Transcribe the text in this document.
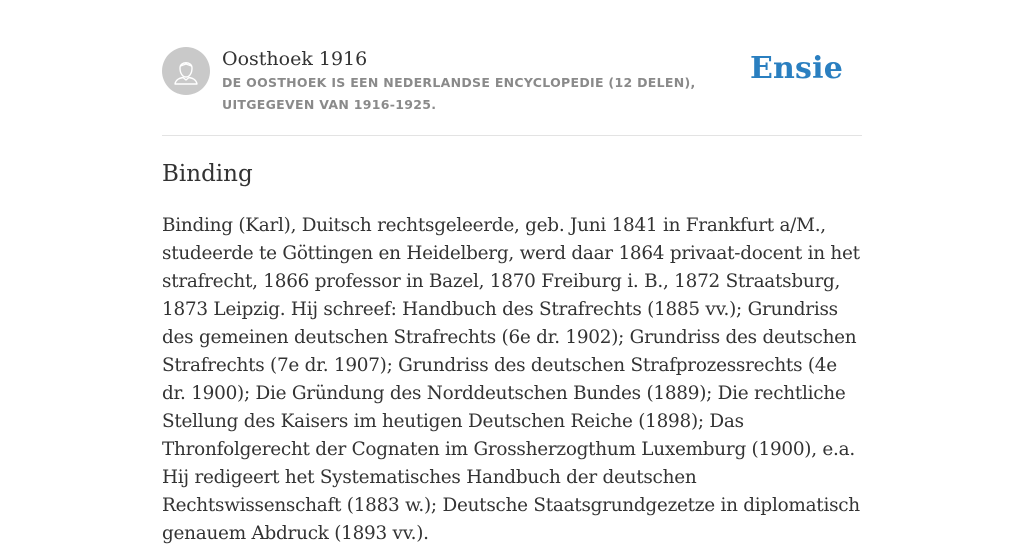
Oosthoek 1916
DE OOSTHOEK IS EEN NEDERLANDSE ENCYCLOPEDIE (12 DELEN), UITGEGEVEN VAN 1916-1925.
Ensie
Binding

Binding (Karl), Duitsch rechtsgeleerde, geb. Juni 1841 in Frankfurt a/M., studeerde te Göttingen en Heidelberg, werd daar 1864 privaat-docent in het strafrecht, 1866 professor in Bazel, 1870 Freiburg i. B., 1872 Straatsburg, 1873 Leipzig. Hij schreef: Handbuch des Strafrechts (1885 vv.); Grundriss des gemeinen deutschen Strafrechts (6e dr. 1902); Grundriss des deutschen Strafrechts (7e dr. 1907); Grundriss des deutschen Strafprozessrechts (4e dr. 1900); Die Gründung des Norddeutschen Bundes (1889); Die rechtliche Stellung des Kaisers im heutigen Deutschen Reiche (1898); Das Thronfolgerecht der Cognaten im Grossherzogthum Luxemburg (1900), e.a. Hij redigeert het Systematisches Handbuch der deutschen Rechtswissenschaft (1883 w.); Deutsche Staatsgrundgezetze in diplomatisch genauem Abdruck (1893 vv.).
